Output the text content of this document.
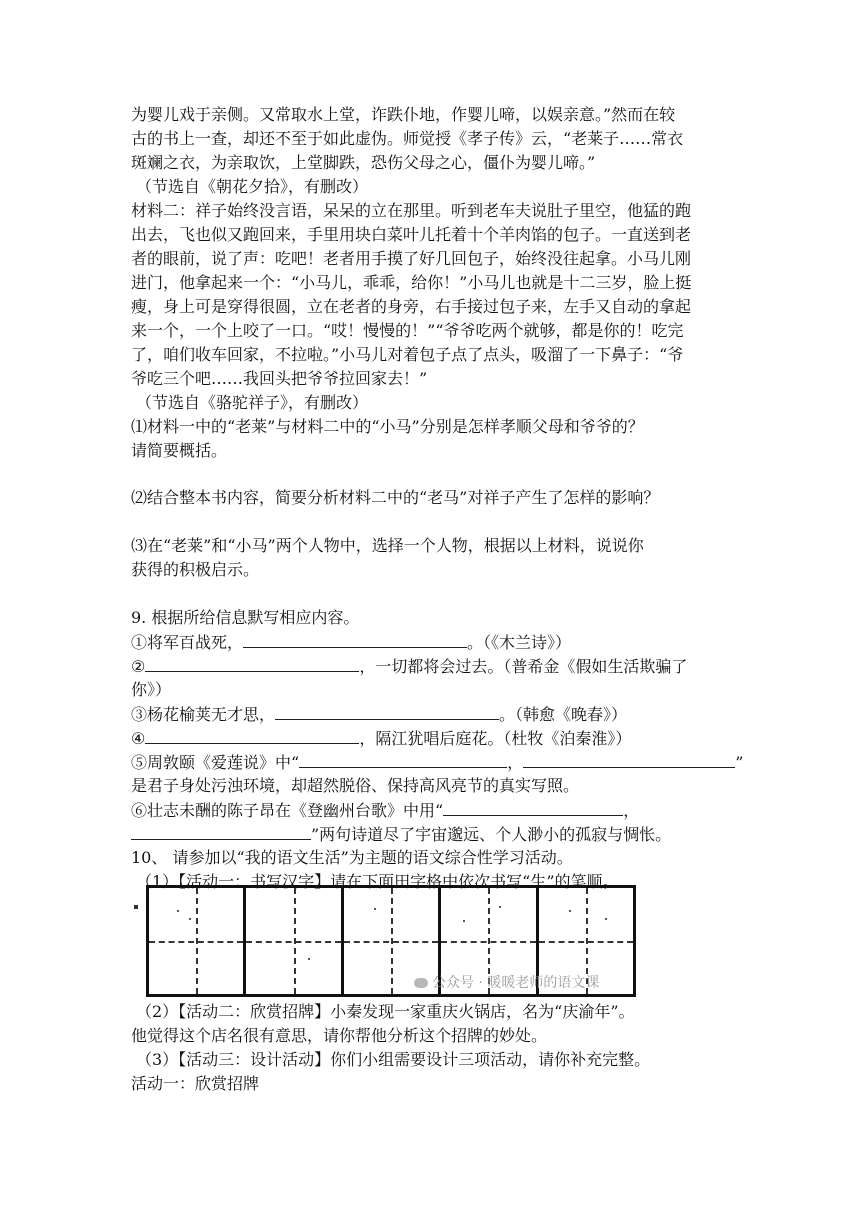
为婴儿戏于亲侧。又常取水上堂，诈跌仆地，作婴儿啼，以娱亲意。”然而在较
古的书上一查，却还不至于如此虚伪。师觉授《孝子传》云，“老莱子……常衣
斑斓之衣，为亲取饮，上堂脚跌，恐伤父母之心，僵仆为婴儿啼。”
（节选自《朝花夕拾》，有删改）
材料二：祥子始终没言语，呆呆的立在那里。听到老车夫说肚子里空，他猛的跑
出去，飞也似又跑回来，手里用块白菜叶儿托着十个羊肉馅的包子。一直送到老
者的眼前，说了声：吃吧！老者用手摸了好几回包子，始终没往起拿。小马儿刚
进门，他拿起来一个：“小马儿，乖乖，给你！”小马儿也就是十二三岁，脸上挺
瘦，身上可是穿得很圆，立在老者的身旁，右手接过包子来，左手又自动的拿起
来一个，一个上咬了一口。“哎！慢慢的！”“爷爷吃两个就够，都是你的！吃完
了，咱们收车回家，不拉啦。”小马儿对着包子点了点头，吸溜了一下鼻子：“爷
爷吃三个吧……我回头把爷爷拉回家去！”
（节选自《骆驼祥子》，有删改）
⑴材料一中的“老莱”与材料二中的“小马”分别是怎样孝顺父母和爷爷的？
请简要概括。
⑵结合整本书内容，简要分析材料二中的“老马”对祥子产生了怎样的影响？
⑶在“老莱”和“小马”两个人物中，选择一个人物，根据以上材料，说说你
获得的积极启示。
9. 根据所给信息默写相应内容。
①将军百战死，	。（《木兰诗》）
②	，一切都将会过去。（普希金《假如生活欺骗了
你》）
③杨花榆荚无才思，	。（韩愈《晚春》）
④	，隔江犹唱后庭花。（杜牧《泊秦淮》）
⑤周敦颐《爱莲说》中“	，	”
是君子身处污浊环境，却超然脱俗、保持高风亮节的真实写照。
⑥壮志未酬的陈子昂在《登幽州台歌》中用“	，
”两句诗道尽了宇宙邈远、个人渺小的孤寂与惆怅。
10、 请参加以“我的语文生活”为主题的语文综合性学习活动。
（1）【活动一：书写汉字】请在下面田字格中依次书写“生”的笔顺。
公众号 · 暖暖老师的语文课
（2）【活动二：欣赏招牌】小秦发现一家重庆火锅店，名为“庆渝年”。
他觉得这个店名很有意思，请你帮他分析这个招牌的妙处。
（3）【活动三：设计活动】你们小组需要设计三项活动，请你补充完整。
活动一：欣赏招牌
